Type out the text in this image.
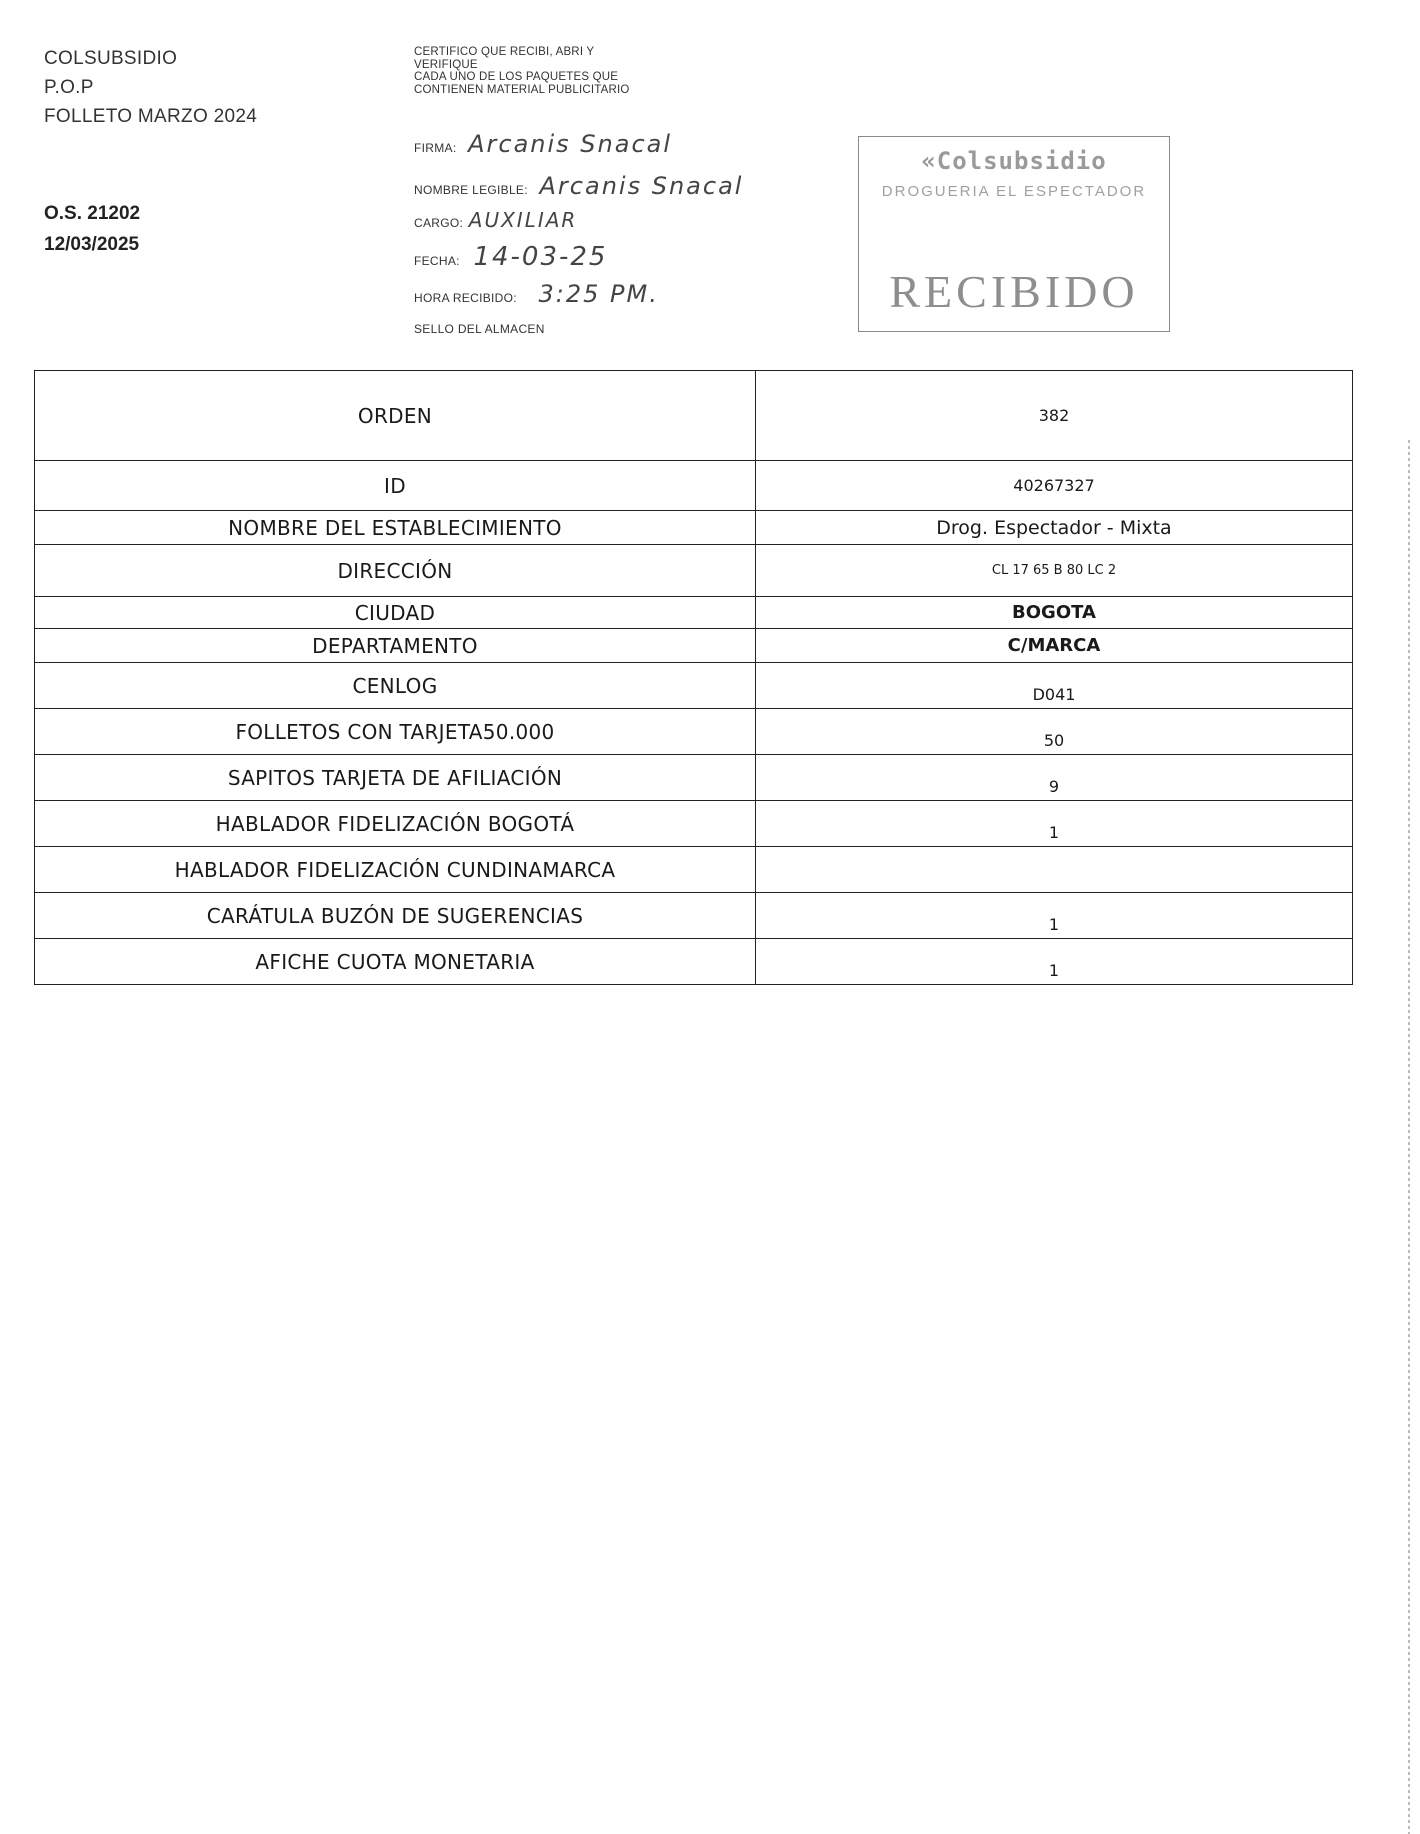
COLSUBSIDIO
P.O.P
FOLLETO MARZO 2024
O.S. 21202
12/03/2025
CERTIFICO QUE RECIBI, ABRI Y
VERIFIQUE
CADA UNO DE LOS PAQUETES QUE
CONTIENEN MATERIAL PUBLICITARIO
FIRMA: Arcanis Snacal
NOMBRE LEGIBLE: Arcanis Snacal
CARGO: AUXILIAR
FECHA: 14-03-25
HORA RECIBIDO: 3:25 PM.
SELLO DEL ALMACEN
«Colsubsidio
DROGUERIA EL ESPECTADOR
RECIBIDO
ORDEN	382
ID	40267327
NOMBRE DEL ESTABLECIMIENTO	Drog. Espectador - Mixta
DIRECCIÓN	CL 17 65 B 80 LC 2
CIUDAD	BOGOTA
DEPARTAMENTO	C/MARCA
CENLOG	D041
FOLLETOS CON TARJETA50.000	50
SAPITOS TARJETA DE AFILIACIÓN	9
HABLADOR FIDELIZACIÓN BOGOTÁ	1
HABLADOR FIDELIZACIÓN CUNDINAMARCA	
CARÁTULA BUZÓN DE SUGERENCIAS	1
AFICHE CUOTA MONETARIA	1
